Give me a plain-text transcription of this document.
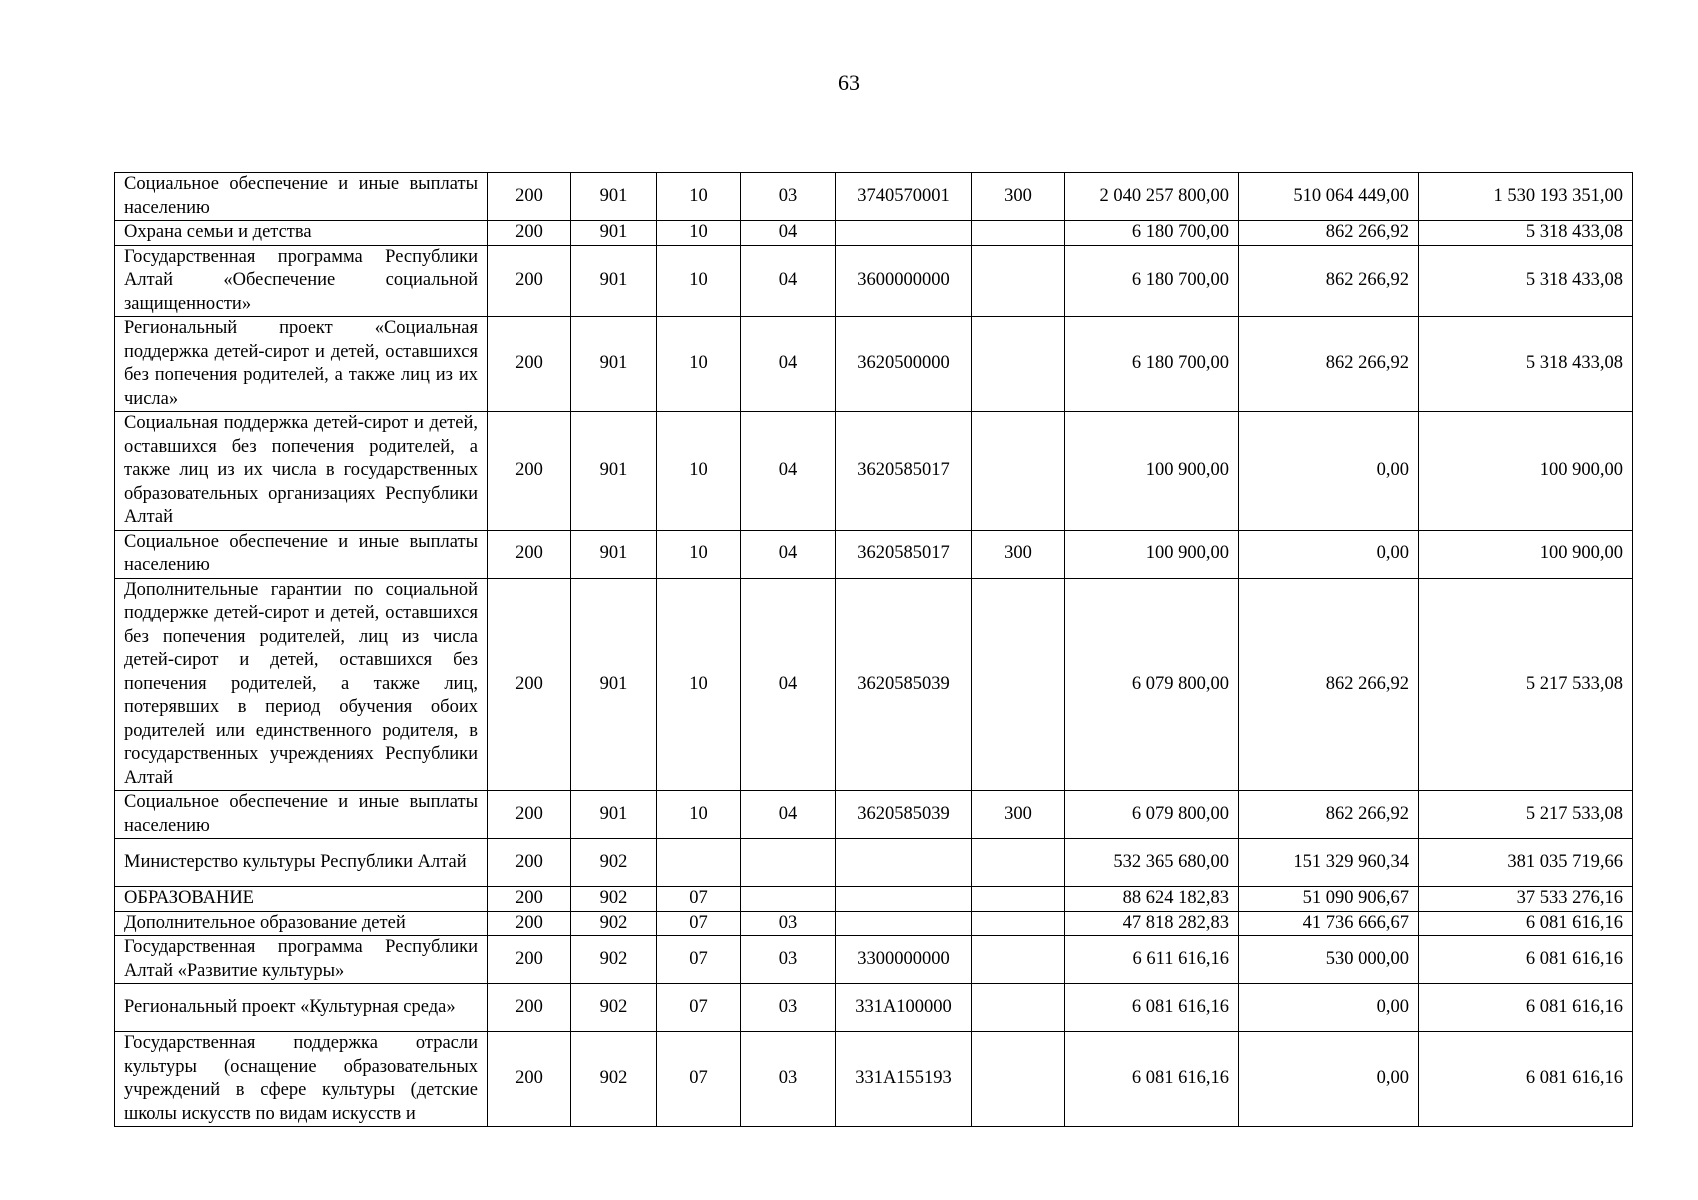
63
Социальное обеспечение и иные выплаты населению	200	901	10	03	3740570001	300	2 040 257 800,00	510 064 449,00	1 530 193 351,00
Охрана семьи и детства	200	901	10	04			6 180 700,00	862 266,92	5 318 433,08
Государственная программа Республики Алтай «Обеспечение социальной защищенности»	200	901	10	04	3600000000		6 180 700,00	862 266,92	5 318 433,08
Региональный проект «Социальная поддержка детей-сирот и детей, оставшихся без попечения родителей, а также лиц из их числа»	200	901	10	04	3620500000		6 180 700,00	862 266,92	5 318 433,08
Социальная поддержка детей-сирот и детей, оставшихся без попечения родителей, а также лиц из их числа в государственных образовательных организациях Республики Алтай	200	901	10	04	3620585017		100 900,00	0,00	100 900,00
Социальное обеспечение и иные выплаты населению	200	901	10	04	3620585017	300	100 900,00	0,00	100 900,00
Дополнительные гарантии по социальной поддержке детей-сирот и детей, оставшихся без попечения родителей, лиц из числа детей-сирот и детей, оставшихся без попечения родителей, а также лиц, потерявших в период обучения обоих родителей или единственного родителя, в государственных учреждениях Республики Алтай	200	901	10	04	3620585039		6 079 800,00	862 266,92	5 217 533,08
Социальное обеспечение и иные выплаты населению	200	901	10	04	3620585039	300	6 079 800,00	862 266,92	5 217 533,08
Министерство культуры Республики Алтай	200	902					532 365 680,00	151 329 960,34	381 035 719,66
ОБРАЗОВАНИЕ	200	902	07				88 624 182,83	51 090 906,67	37 533 276,16
Дополнительное образование детей	200	902	07	03			47 818 282,83	41 736 666,67	6 081 616,16
Государственная программа Республики Алтай «Развитие культуры»	200	902	07	03	3300000000		6 611 616,16	530 000,00	6 081 616,16
Региональный проект «Культурная среда»	200	902	07	03	331A100000		6 081 616,16	0,00	6 081 616,16
Государственная поддержка отрасли культуры (оснащение образовательных учреждений в сфере культуры (детские школы искусств по видам искусств и	200	902	07	03	331A155193		6 081 616,16	0,00	6 081 616,16
